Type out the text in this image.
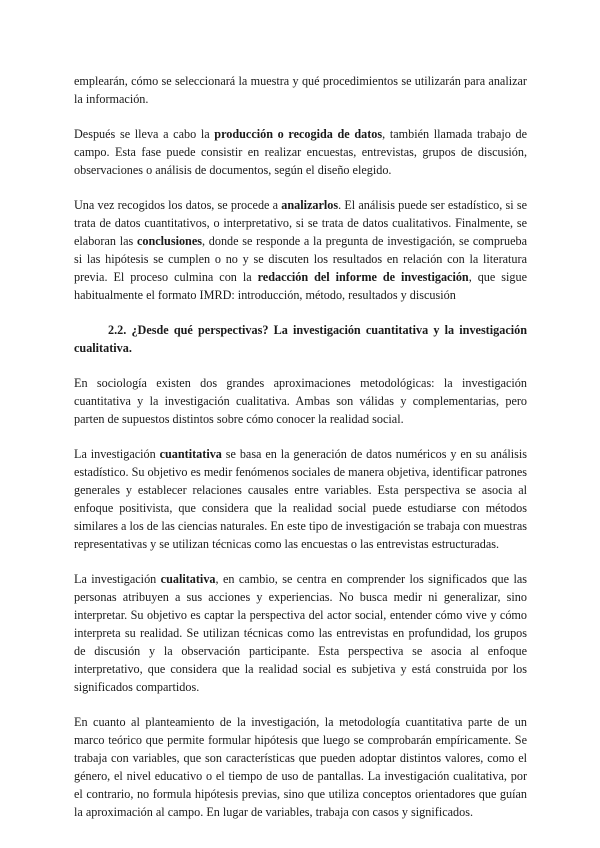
emplearán, cómo se seleccionará la muestra y qué procedimientos se utilizarán para analizar la información.

Después se lleva a cabo la producción o recogida de datos, también llamada trabajo de campo. Esta fase puede consistir en realizar encuestas, entrevistas, grupos de discusión, observaciones o análisis de documentos, según el diseño elegido.

Una vez recogidos los datos, se procede a analizarlos. El análisis puede ser estadístico, si se trata de datos cuantitativos, o interpretativo, si se trata de datos cualitativos. Finalmente, se elaboran las conclusiones, donde se responde a la pregunta de investigación, se comprueba si las hipótesis se cumplen o no y se discuten los resultados en relación con la literatura previa. El proceso culmina con la redacción del informe de investigación, que sigue habitualmente el formato IMRD: introducción, método, resultados y discusión

2.2. ¿Desde qué perspectivas? La investigación cuantitativa y la investigación cualitativa.

En sociología existen dos grandes aproximaciones metodológicas: la investigación cuantitativa y la investigación cualitativa. Ambas son válidas y complementarias, pero parten de supuestos distintos sobre cómo conocer la realidad social.

La investigación cuantitativa se basa en la generación de datos numéricos y en su análisis estadístico. Su objetivo es medir fenómenos sociales de manera objetiva, identificar patrones generales y establecer relaciones causales entre variables. Esta perspectiva se asocia al enfoque positivista, que considera que la realidad social puede estudiarse con métodos similares a los de las ciencias naturales. En este tipo de investigación se trabaja con muestras representativas y se utilizan técnicas como las encuestas o las entrevistas estructuradas.

La investigación cualitativa, en cambio, se centra en comprender los significados que las personas atribuyen a sus acciones y experiencias. No busca medir ni generalizar, sino interpretar. Su objetivo es captar la perspectiva del actor social, entender cómo vive y cómo interpreta su realidad. Se utilizan técnicas como las entrevistas en profundidad, los grupos de discusión y la observación participante. Esta perspectiva se asocia al enfoque interpretativo, que considera que la realidad social es subjetiva y está construida por los significados compartidos.

En cuanto al planteamiento de la investigación, la metodología cuantitativa parte de un marco teórico que permite formular hipótesis que luego se comprobarán empíricamente. Se trabaja con variables, que son características que pueden adoptar distintos valores, como el género, el nivel educativo o el tiempo de uso de pantallas. La investigación cualitativa, por el contrario, no formula hipótesis previas, sino que utiliza conceptos orientadores que guían la aproximación al campo. En lugar de variables, trabaja con casos y significados.
